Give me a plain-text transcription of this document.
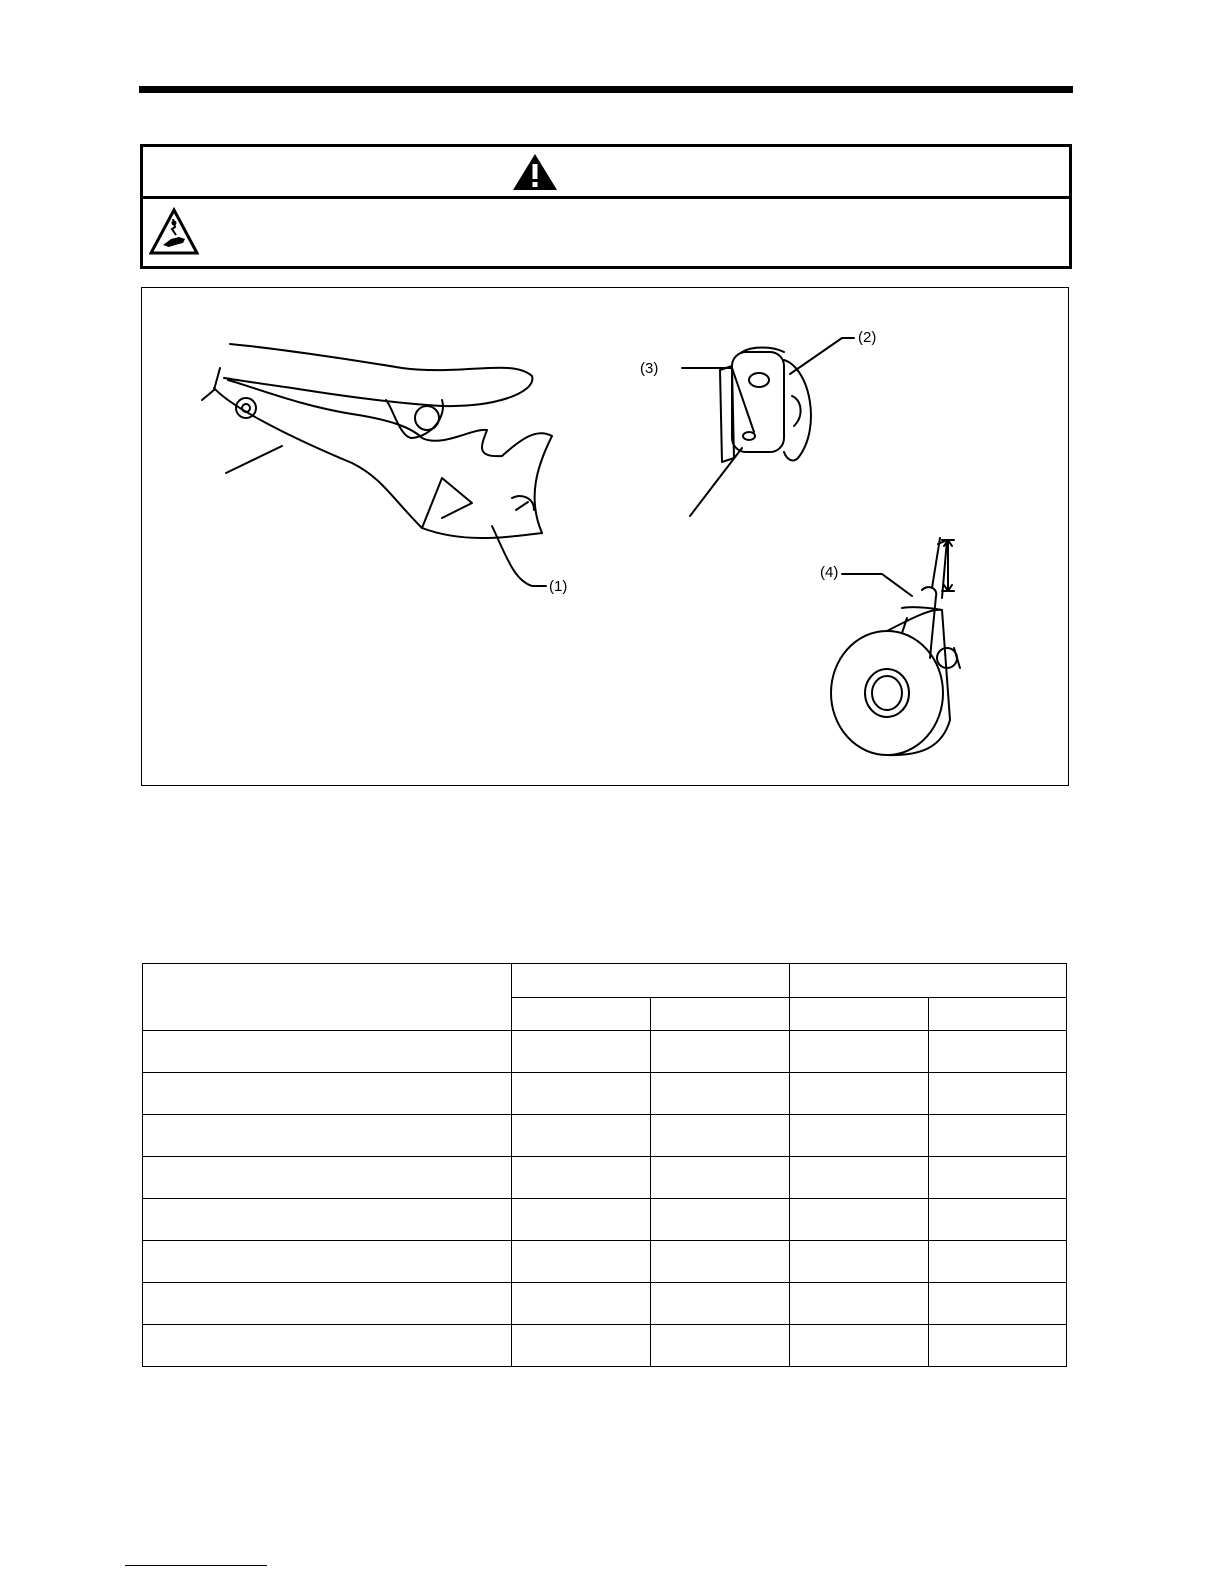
(1)
(2)
(3)
(4)
